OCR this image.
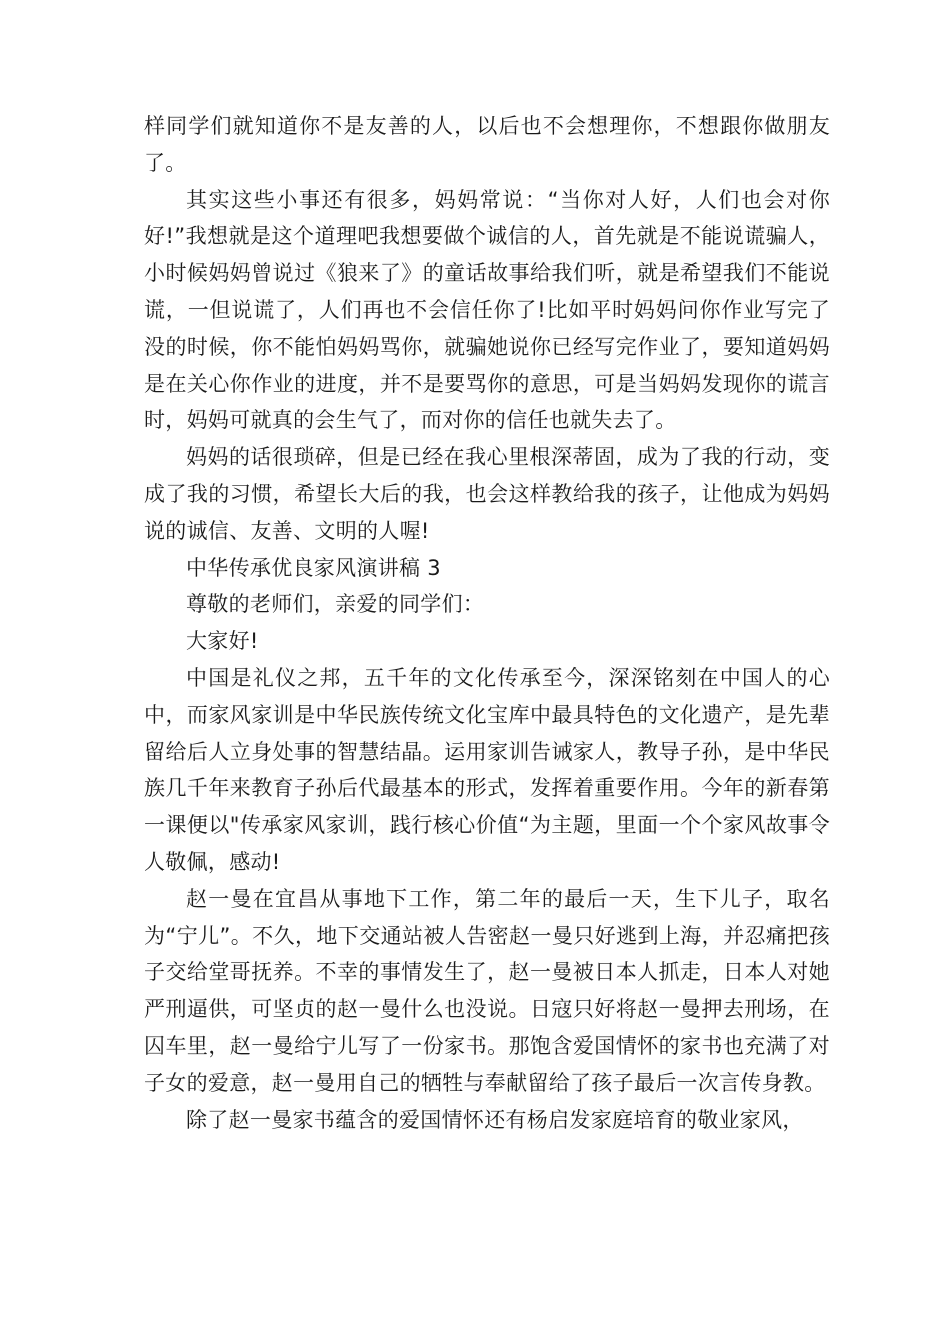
样同学们就知道你不是友善的人，以后也不会想理你，不想跟你做朋友了。

其实这些小事还有很多，妈妈常说：“当你对人好，人们也会对你好!”我想就是这个道理吧我想要做个诚信的人，首先就是不能说谎骗人，小时候妈妈曾说过《狼来了》的童话故事给我们听，就是希望我们不能说谎，一但说谎了，人们再也不会信任你了!比如平时妈妈问你作业写完了没的时候，你不能怕妈妈骂你，就骗她说你已经写完作业了，要知道妈妈是在关心你作业的进度，并不是要骂你的意思，可是当妈妈发现你的谎言时，妈妈可就真的会生气了，而对你的信任也就失去了。

妈妈的话很琐碎，但是已经在我心里根深蒂固，成为了我的行动，变成了我的习惯，希望长大后的我，也会这样教给我的孩子，让他成为妈妈说的诚信、友善、文明的人喔!

中华传承优良家风演讲稿 3

尊敬的老师们，亲爱的同学们：

大家好!

中国是礼仪之邦，五千年的文化传承至今，深深铭刻在中国人的心中，而家风家训是中华民族传统文化宝库中最具特色的文化遗产，是先辈留给后人立身处事的智慧结晶。运用家训告诫家人，教导子孙，是中华民族几千年来教育子孙后代最基本的形式，发挥着重要作用。今年的新春第一课便以"传承家风家训，践行核心价值“为主题，里面一个个家风故事令人敬佩，感动!

赵一曼在宜昌从事地下工作，第二年的最后一天，生下儿子，取名为“宁儿”。不久，地下交通站被人告密赵一曼只好逃到上海，并忍痛把孩子交给堂哥抚养。不幸的事情发生了，赵一曼被日本人抓走，日本人对她严刑逼供，可坚贞的赵一曼什么也没说。日寇只好将赵一曼押去刑场，在囚车里，赵一曼给宁儿写了一份家书。那饱含爱国情怀的家书也充满了对子女的爱意，赵一曼用自己的牺牲与奉献留给了孩子最后一次言传身教。

除了赵一曼家书蕴含的爱国情怀还有杨启发家庭培育的敬业家风，
